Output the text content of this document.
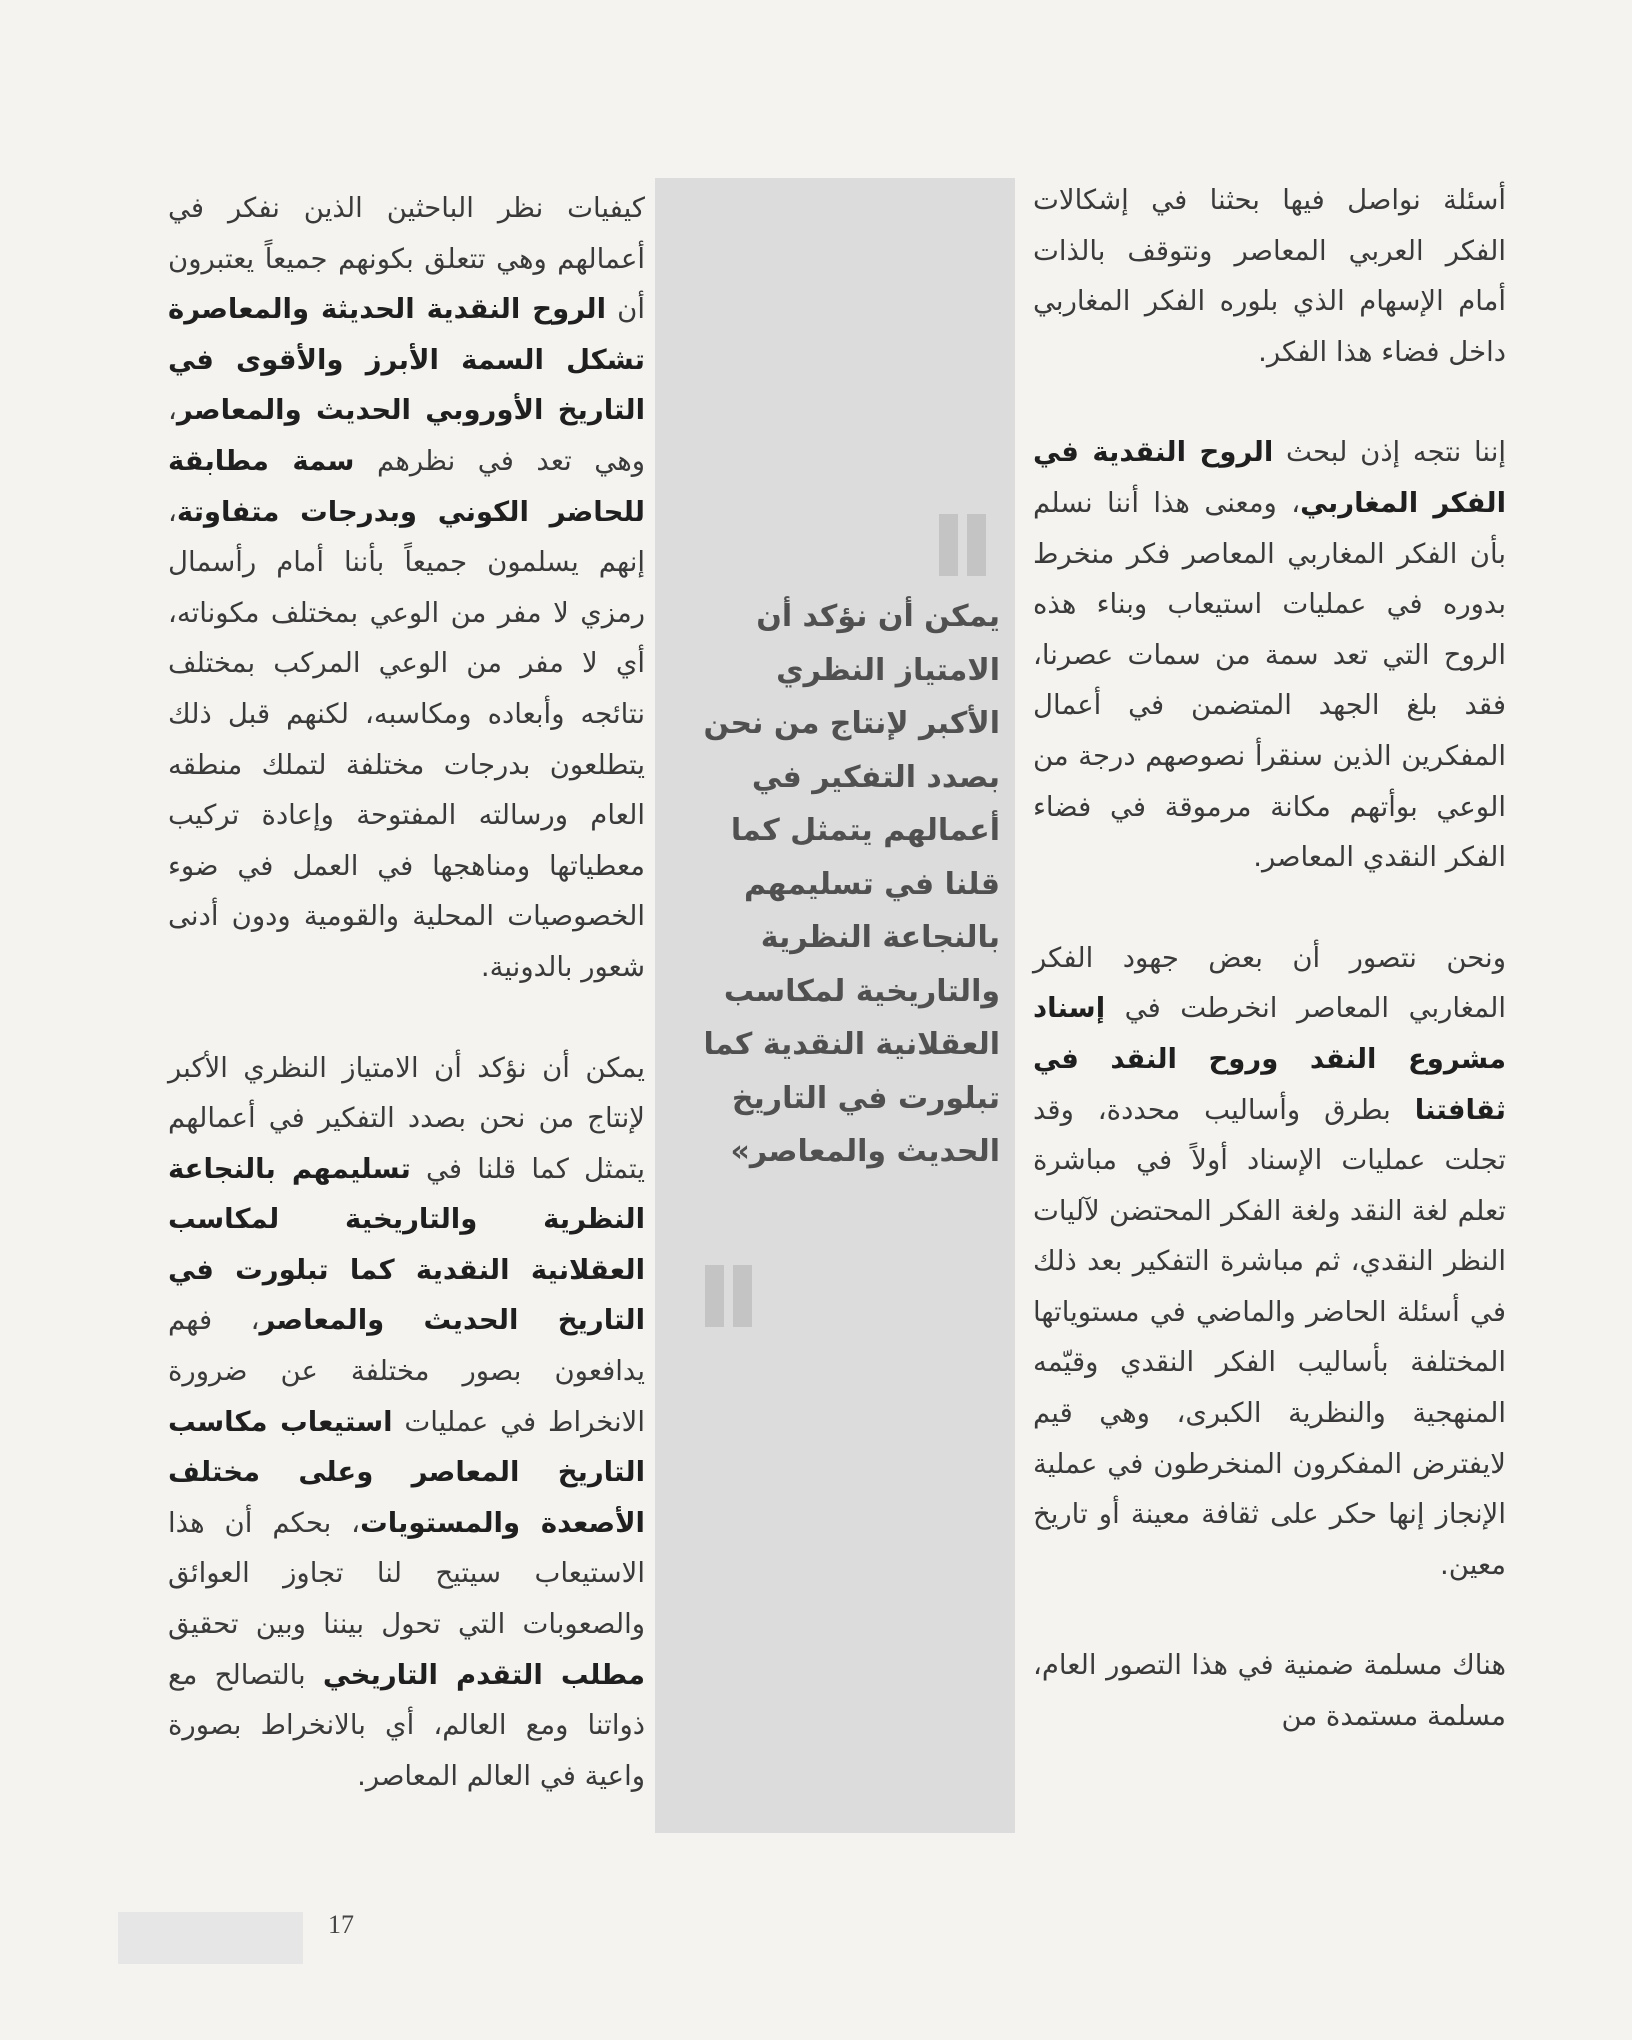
أسئلة نواصل فيها بحثنا في إشكالات الفكر العربي المعاصر ونتوقف بالذات أمام الإسهام الذي بلوره الفكر المغاربي داخل فضاء هذا الفكر.

إننا نتجه إذن لبحث الروح النقدية في الفكر المغاربي، ومعنى هذا أننا نسلم بأن الفكر المغاربي المعاصر فكر منخرط بدوره في عمليات استيعاب وبناء هذه الروح التي تعد سمة من سمات عصرنا، فقد بلغ الجهد المتضمن في أعمال المفكرين الذين سنقرأ نصوصهم درجة من الوعي بوأتهم مكانة مرموقة في فضاء الفكر النقدي المعاصر.

ونحن نتصور أن بعض جهود الفكر المغاربي المعاصر انخرطت في إسناد مشروع النقد وروح النقد في ثقافتنا بطرق وأساليب محددة، وقد تجلت عمليات الإسناد أولاً في مباشرة تعلم لغة النقد ولغة الفكر المحتضن لآليات النظر النقدي، ثم مباشرة التفكير بعد ذلك في أسئلة الحاضر والماضي في مستوياتها المختلفة بأساليب الفكر النقدي وقيّمه المنهجية والنظرية الكبرى، وهي قيم لايفترض المفكرون المنخرطون في عملية الإنجاز إنها حكر على ثقافة معينة أو تاريخ معين.

هناك مسلمة ضمنية في هذا التصور العام، مسلمة مستمدة من

يمكن أن نؤكد أن الامتياز النظري الأكبر لإنتاج من نحن بصدد التفكير في أعمالهم يتمثل كما قلنا في تسليمهم بالنجاعة النظرية والتاريخية لمكاسب العقلانية النقدية كما تبلورت في التاريخ الحديث والمعاصر»

كيفيات نظر الباحثين الذين نفكر في أعمالهم وهي تتعلق بكونهم جميعاً يعتبرون أن الروح النقدية الحديثة والمعاصرة تشكل السمة الأبرز والأقوى في التاريخ الأوروبي الحديث والمعاصر، وهي تعد في نظرهم سمة مطابقة للحاضر الكوني وبدرجات متفاوتة، إنهم يسلمون جميعاً بأننا أمام رأسمال رمزي لا مفر من الوعي بمختلف مكوناته، أي لا مفر من الوعي المركب بمختلف نتائجه وأبعاده ومكاسبه، لكنهم قبل ذلك يتطلعون بدرجات مختلفة لتملك منطقه العام ورسالته المفتوحة وإعادة تركيب معطياتها ومناهجها في العمل في ضوء الخصوصيات المحلية والقومية ودون أدنى شعور بالدونية.

يمكن أن نؤكد أن الامتياز النظري الأكبر لإنتاج من نحن بصدد التفكير في أعمالهم يتمثل كما قلنا في تسليمهم بالنجاعة النظرية والتاريخية لمكاسب العقلانية النقدية كما تبلورت في التاريخ الحديث والمعاصر، فهم يدافعون بصور مختلفة عن ضرورة الانخراط في عمليات استيعاب مكاسب التاريخ المعاصر وعلى مختلف الأصعدة والمستويات، بحكم أن هذا الاستيعاب سيتيح لنا تجاوز العوائق والصعوبات التي تحول بيننا وبين تحقيق مطلب التقدم التاريخي بالتصالح مع ذواتنا ومع العالم، أي بالانخراط بصورة واعية في العالم المعاصر.

17
